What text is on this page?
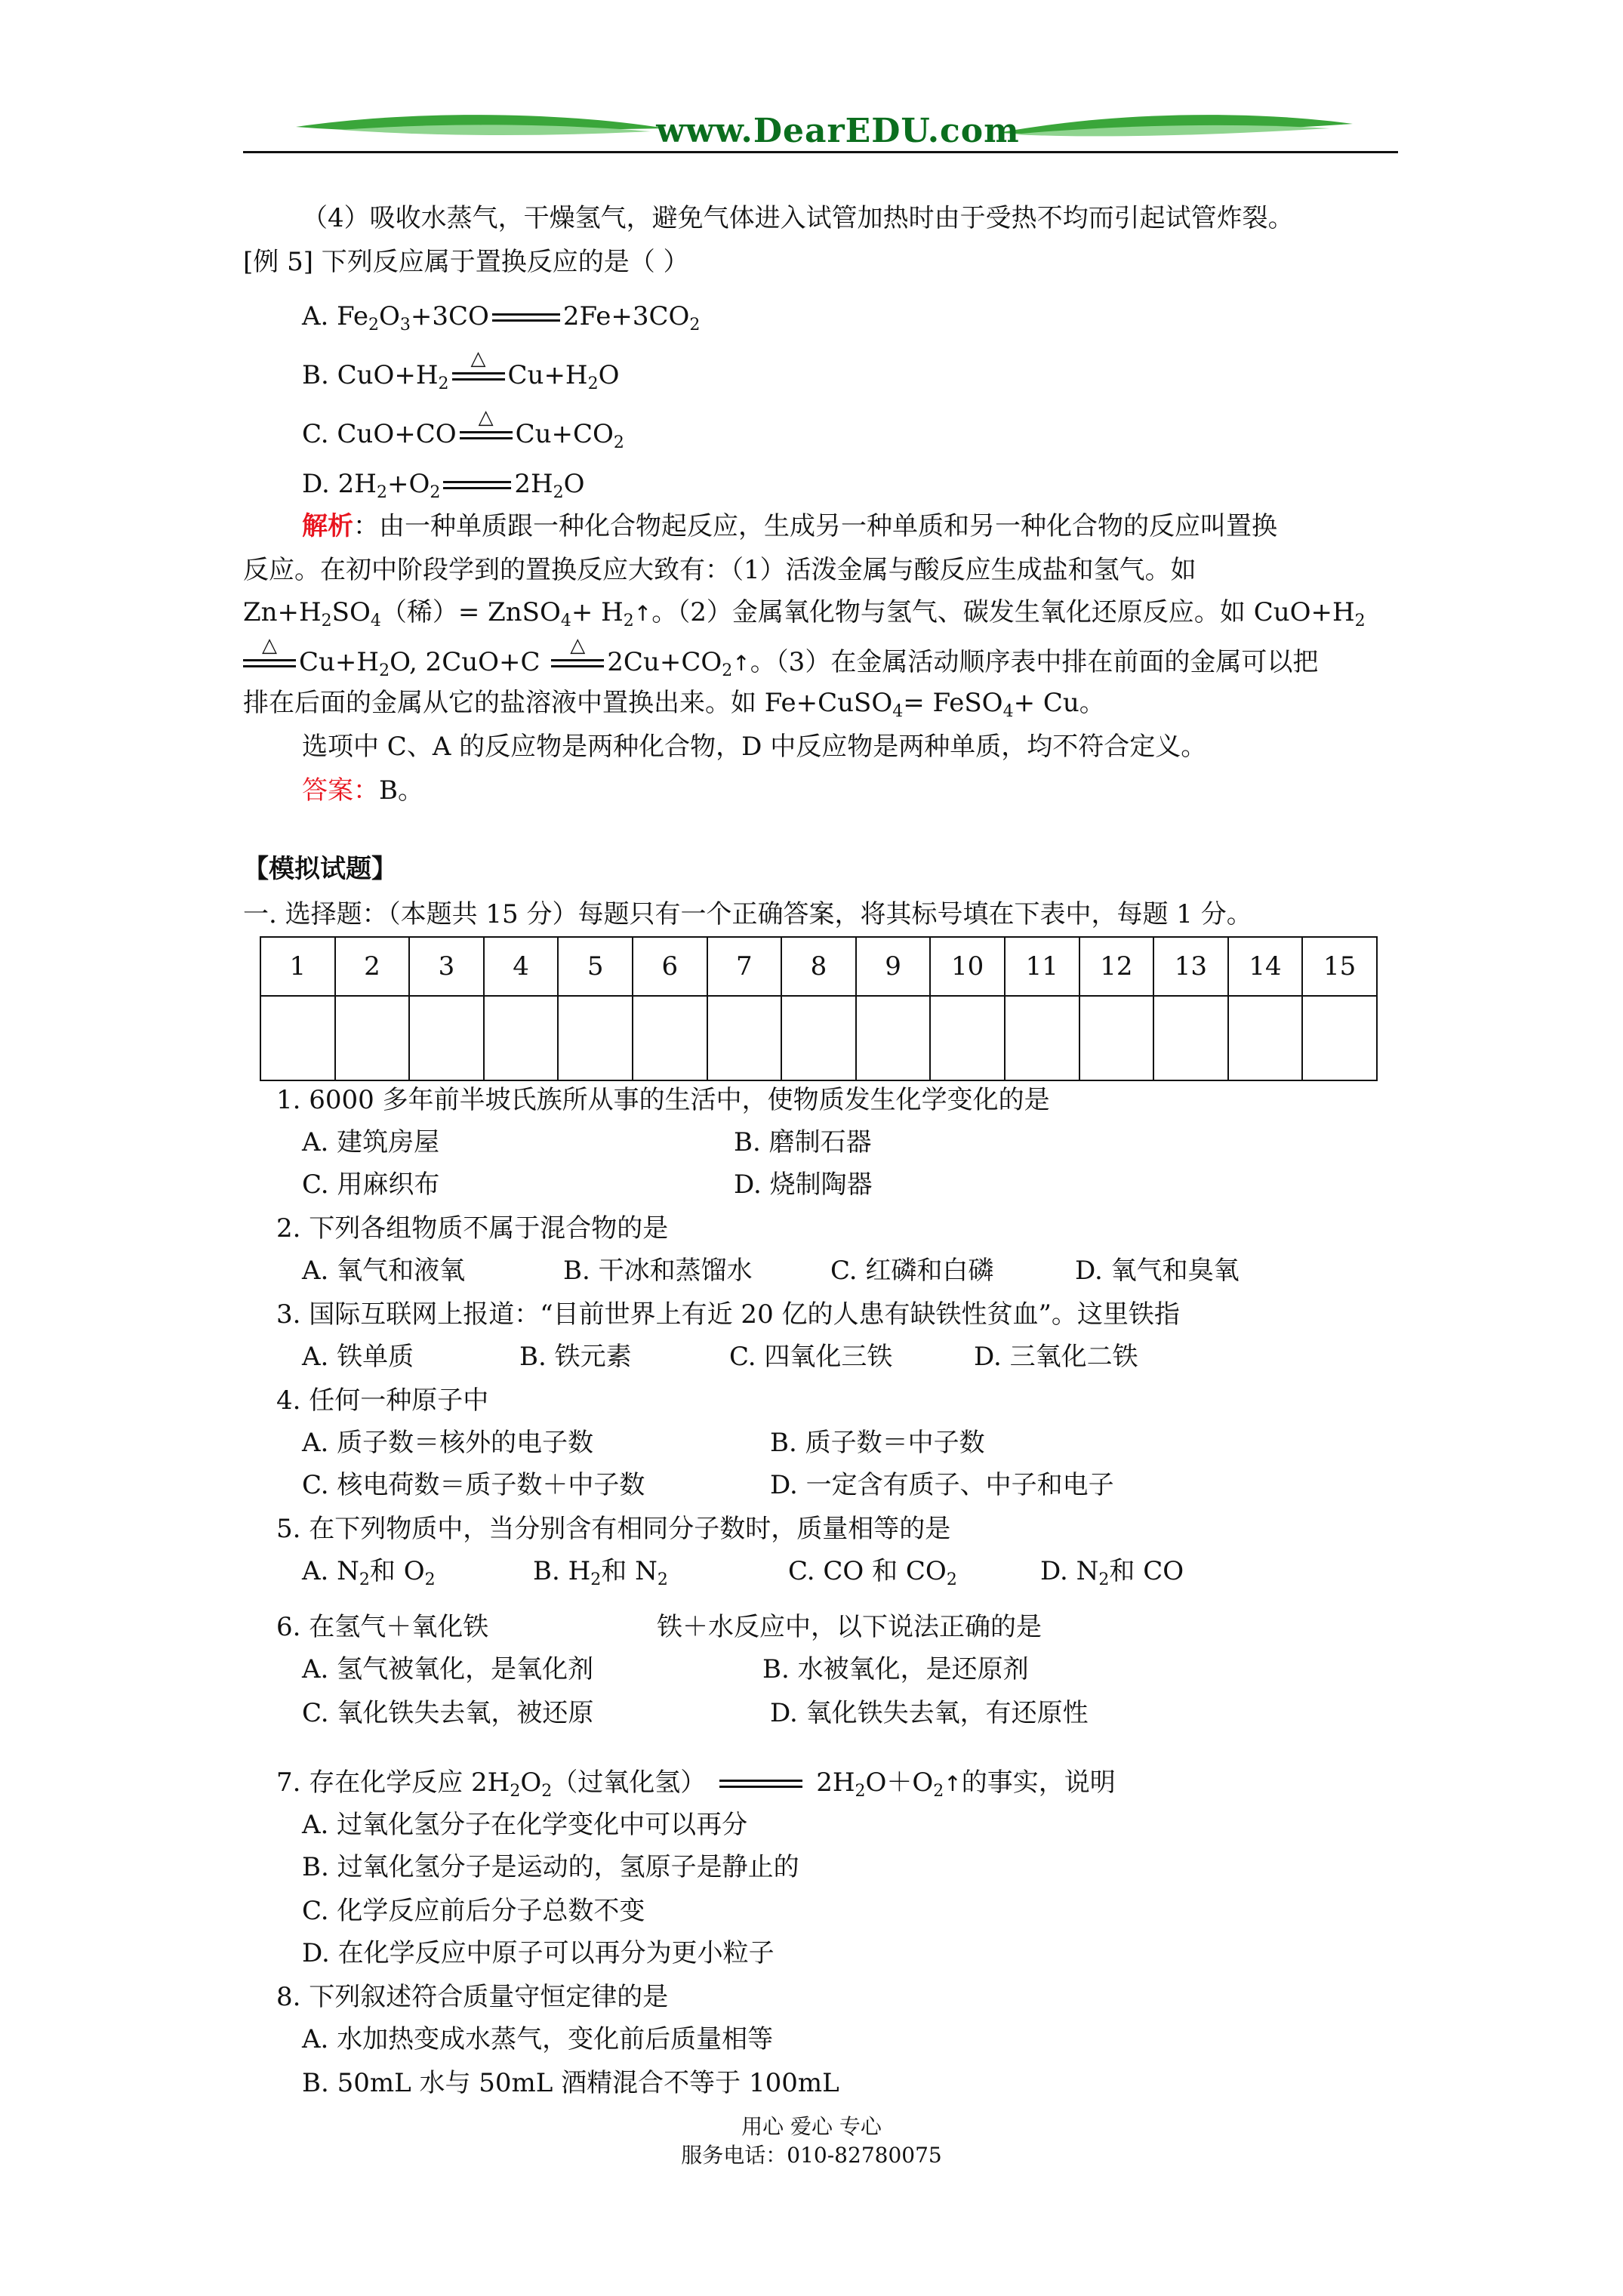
www.DearEDU.com
（4）吸收水蒸气，干燥氢气，避免气体进入试管加热时由于受热不均而引起试管炸裂。
[例 5] 下列反应属于置换反应的是（ ）
A. $Fe_2O_3+3CO$	$2Fe+3CO_2$
B. $CuO+H_2$
△
$Cu+H_2O$
C. CuO+CO
△
$Cu+CO_2$
D. $2H_2+O_2$	$2H_2O$
解析：由一种单质跟一种化合物起反应，生成另一种单质和另一种化合物的反应叫置换
反应。在初中阶段学到的置换反应大致有：（1）活泼金属与酸反应生成盐和氢气。如
$Zn+H_2SO_4$（稀）= ZnSO$_4$+ $H_2↑$。（2）金属氧化物与氢气、碳发生氧化还原反应。如 $CuO+H_2$
△
$Cu+H_2O$, 2CuO+C
△
$2Cu+CO_2↑$。（3）在金属活动顺序表中排在前面的金属可以把
排在后面的金属从它的盐溶液中置换出来。如 Fe+CuSO$_4$= FeSO$_4$+ Cu。
选项中 C、A 的反应物是两种化合物，D 中反应物是两种单质，均不符合定义。
答案：B。
【模拟试题】
一. 选择题：（本题共 15 分）每题只有一个正确答案，将其标号填在下表中，每题 1 分。
1	2	3	4	5	6	7	8	9	10	11	12	13	14	15

1. 6000 多年前半坡氏族所从事的生活中，使物质发生化学变化的是
A. 建筑房屋	B. 磨制石器
C. 用麻织布	D. 烧制陶器
2. 下列各组物质不属于混合物的是
A. 氧气和液氧	B. 干冰和蒸馏水	C. 红磷和白磷	D. 氧气和臭氧
3. 国际互联网上报道：“目前世界上有近 20 亿的人患有缺铁性贫血”。这里铁指
A. 铁单质	B. 铁元素	C. 四氧化三铁	D. 三氧化二铁
4. 任何一种原子中
A. 质子数＝核外的电子数	B. 质子数＝中子数
C. 核电荷数＝质子数＋中子数	D. 一定含有质子、中子和电子
5. 在下列物质中，当分别含有相同分子数时，质量相等的是
A. $N_2$和 $O_2$	B. $H_2$和 $N_2$	C. CO 和 $CO_2$	D. $N_2$和 CO
6. 在氢气＋氧化铁	铁＋水反应中，以下说法正确的是
A. 氢气被氧化，是氧化剂	B. 水被氧化，是还原剂
C. 氧化铁失去氧，被还原	D. 氧化铁失去氧，有还原性
7. 存在化学反应 $2H_2O_2$（过氧化氢）	$2H_2O+O_2↑$的事实，说明
A. 过氧化氢分子在化学变化中可以再分
B. 过氧化氢分子是运动的，氢原子是静止的
C. 化学反应前后分子总数不变
D. 在化学反应中原子可以再分为更小粒子
8. 下列叙述符合质量守恒定律的是
A. 水加热变成水蒸气，变化前后质量相等
B. 50mL 水与 50mL 酒精混合不等于 100mL
用心 爱心 专心
服务电话：010-82780075
